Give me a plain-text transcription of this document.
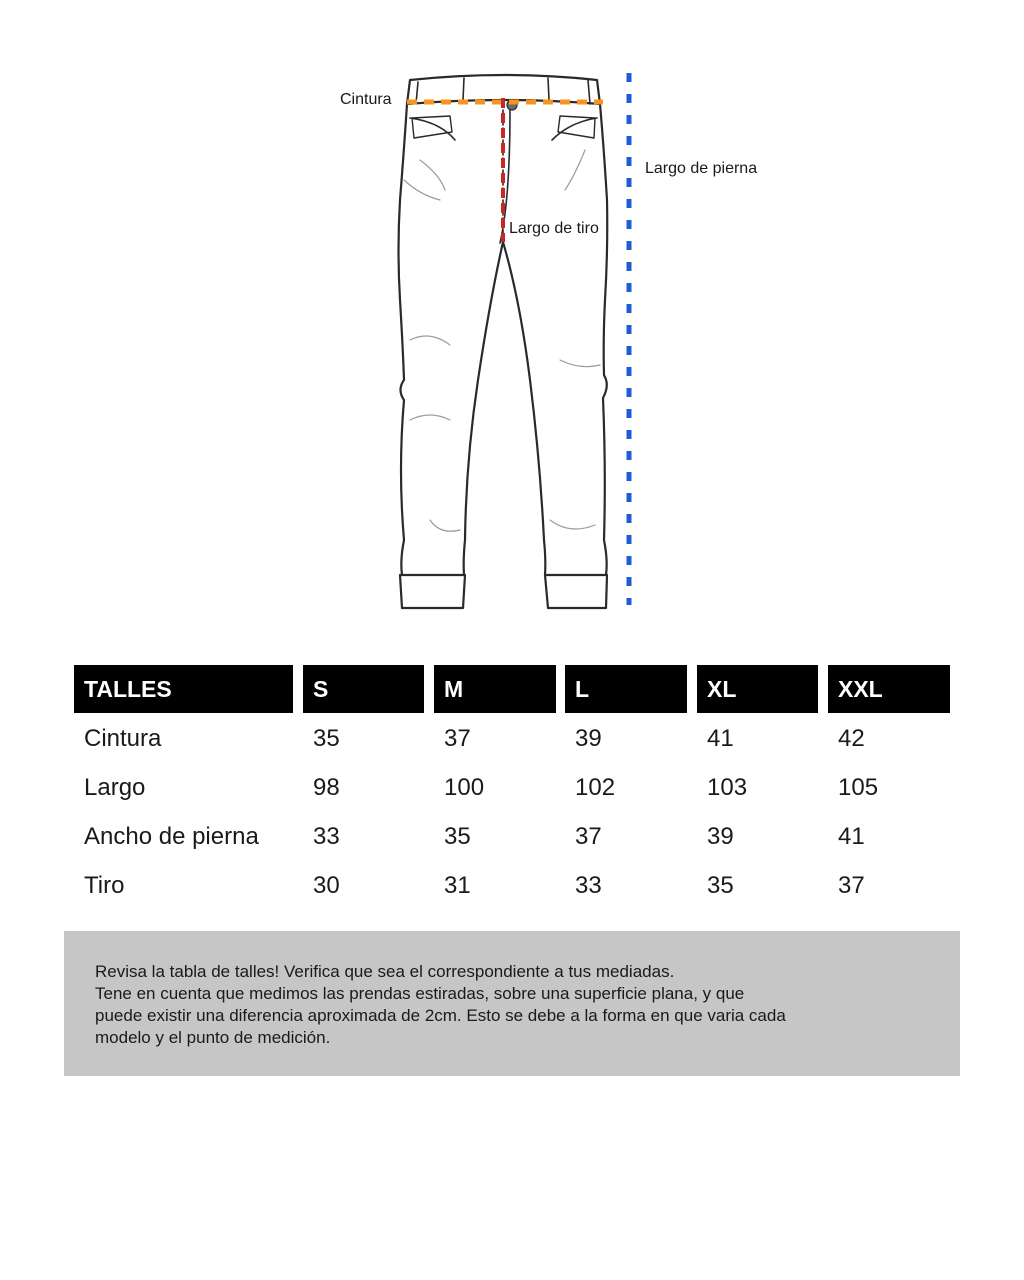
Cintura
Largo de pierna
Largo de tiro
TALLES	S	M	L	XL	XXL
Cintura	35	37	39	41	42
Largo	98	100	102	103	105
Ancho de pierna	33	35	37	39	41
Tiro	30	31	33	35	37

Revisa la tabla de talles! Verifica que sea el correspondiente a tus mediadas.

Tene en cuenta que medimos las prendas estiradas, sobre una superficie plana, y que

puede existir una diferencia aproximada de 2cm. Esto se debe a la forma en que varia cada

modelo y el punto de medición.
